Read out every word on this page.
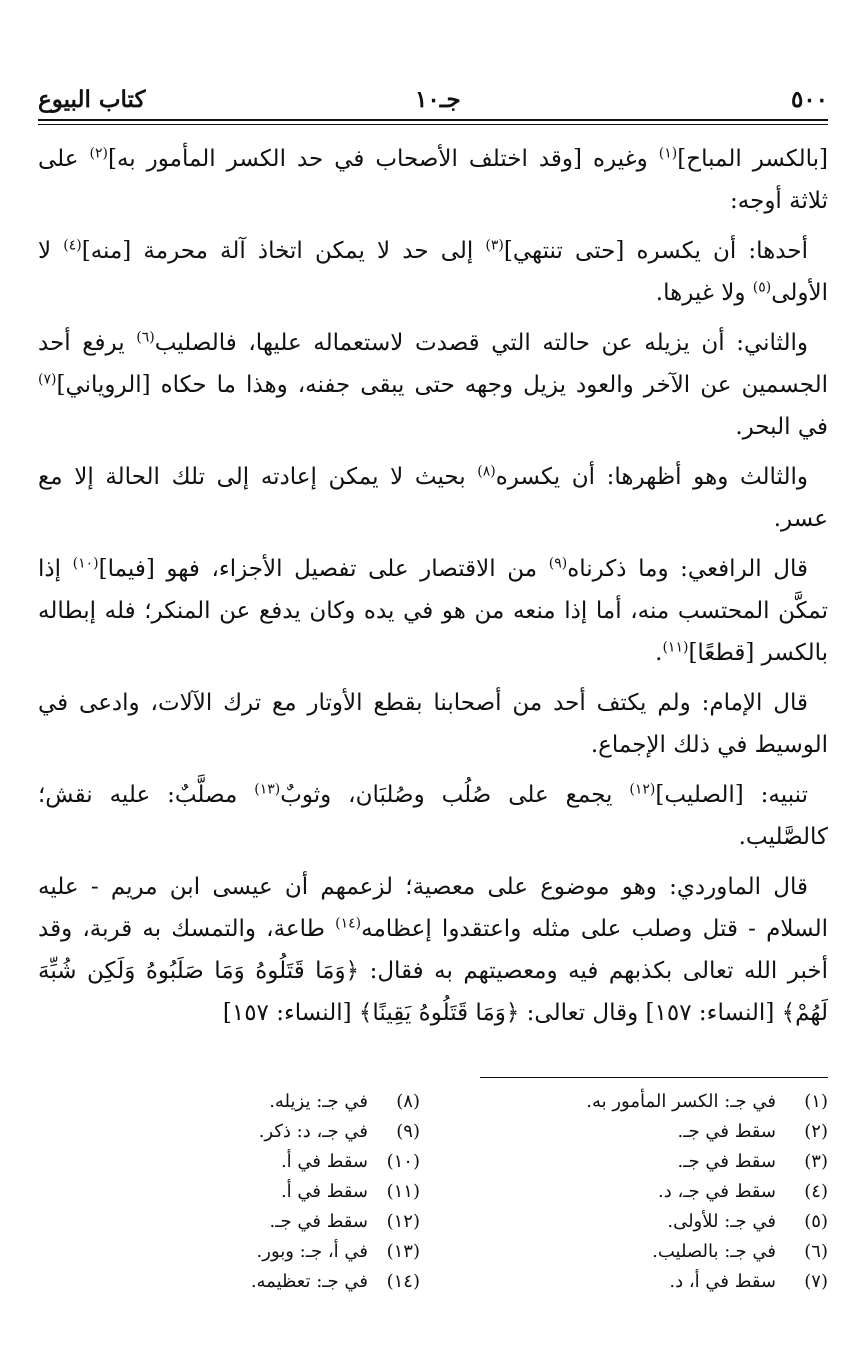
٥٠٠
جـ١٠
كتاب البيوع

[بالكسر المباح]$^{(١)}$ وغيره [وقد اختلف الأصحاب في حد الكسر المأمور به]$^{(٢)}$ على ثلاثة أوجه:

أحدها: أن يكسره [حتى تنتهي]$^{(٣)}$ إلى حد لا يمكن اتخاذ آلة محرمة [منه]$^{(٤)}$ لا الأولى$^{(٥)}$ ولا غيرها.

والثاني: أن يزيله عن حالته التي قصدت لاستعماله عليها، فالصليب$^{(٦)}$ يرفع أحد الجسمين عن الآخر والعود يزيل وجهه حتى يبقى جفنه، وهذا ما حكاه [الروياني]$^{(٧)}$ في البحر.

والثالث وهو أظهرها: أن يكسره$^{(٨)}$ بحيث لا يمكن إعادته إلى تلك الحالة إلا مع عسر.

قال الرافعي: وما ذكرناه$^{(٩)}$ من الاقتصار على تفصيل الأجزاء، فهو [فيما]$^{(١٠)}$ إذا تمكَّن المحتسب منه، أما إذا منعه من هو في يده وكان يدفع عن المنكر؛ فله إبطاله بالكسر [قطعًا]$^{(١١)}$.

قال الإمام: ولم يكتف أحد من أصحابنا بقطع الأوتار مع ترك الآلات، وادعى في الوسيط في ذلك الإجماع.

تنبيه: [الصليب]$^{(١٢)}$ يجمع على صُلُب وصُلبَان، وثوبٌ$^{(١٣)}$ مصلَّبٌ: عليه نقش؛ كالصَّليب.

قال الماوردي: وهو موضوع على معصية؛ لزعمهم أن عيسى ابن مريم - عليه السلام - قتل وصلب على مثله واعتقدوا إعظامه$^{(١٤)}$ طاعة، والتمسك به قربة، وقد أخبر الله تعالى بكذبهم فيه ومعصيتهم به فقال: ﴿وَمَا قَتَلُوهُ وَمَا صَلَبُوهُ وَلَكِن شُبِّهَ لَهُمْ﴾ [النساء: ١٥٧] وقال تعالى: ﴿وَمَا قَتَلُوهُ يَقِينًا﴾ [النساء: ١٥٧]

(١)في جـ: الكسر المأمور به.
(٢)سقط في جـ.
(٣)سقط في جـ.
(٤)سقط في جـ، د.
(٥)في جـ: للأولى.
(٦)في جـ: بالصليب.
(٧)سقط في أ، د.
(٨)في جـ: يزيله.
(٩)في جـ، د: ذكر.
(١٠)سقط في أ.
(١١)سقط في أ.
(١٢)سقط في جـ.
(١٣)في أ، جـ: وبور.
(١٤)في جـ: تعظيمه.
